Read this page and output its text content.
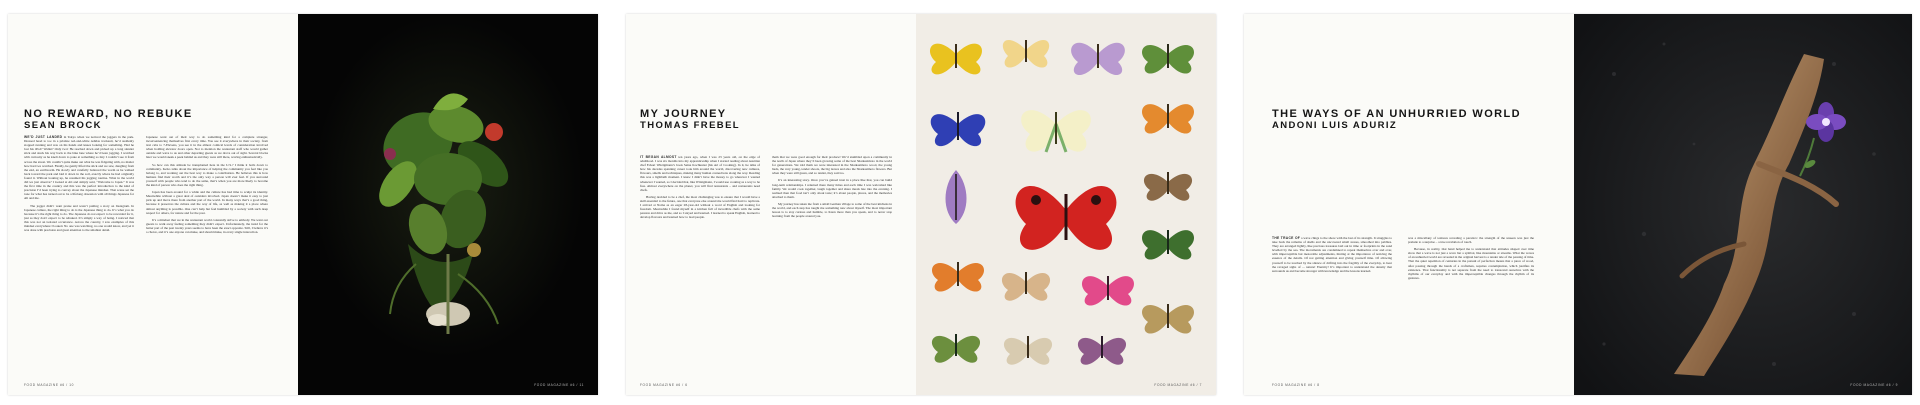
NO REWARD, NO REBUKE
SEAN BROCK

WE’D JUST LANDED in Tokyo when we noticed the joggers in the park. Dressed head to toe in a pristine red-and-white Adidas tracksuit, he’d suddenly stopped running and was on his hands and knees looking for something. Had he lost his iPod? Wallet? Only two! He reached down and picked up a long slender stick and stuck his way back to the bike lane where he’d been jogging. I watched with curiosity as he knelt down to poke at something so tiny I couldn’t see it from across the street. We couldn’t quite make out what he was fidgeting with, no matter how hard we watched. Finally, he gently lifted the stick and we saw, dangling from the end, an earthworm. He slowly and carefully balanced the worm as he walked back toward the park and laid it down in the soil, exactly where he had originally found it. Without looking up, he resumed his jogging routine. What in the world did we just observe? I looked at Ali and simply said, “Welcome to Japan.” It was the first time in the country and this was the perfect introduction to the kind of precision I’d been trying to convey about the Japanese mindset. That scene set the tone for what has turned out to be a lifelong obsession with all things Japanese for Ali and me.

The jogger didn’t want praise and wasn’t putting a story on Instagram. In Japanese culture, the right thing to do is the Japanese thing to do. It’s what you do because it’s the right thing to do. The Japanese do not expect to be rewarded for it, just as they don’t expect to be rebuked. It’s simply a way of being. I noticed that this was not an isolated occurrence. Across the country, I saw examples of this mindset everywhere I looked. No one was watching, no one would know, and yet it was done with precision and great attention to the smallest detail.

Japanese went out of their way to do something kind for a complete stranger, inconveniencing themselves first every time. You see it everywhere in their society, from taxi cabs to 7-Elevens, you see it in the almost comical levels of consideration involved when holding elevator doors open. Not to mention the restaurant staff who would gather outside and wave to us and other departing guests as we drove out of sight. Several blocks later we would sneak a peek behind us and they were still there, waving enthusiastically.

So how can this attitude be transplanted here in the U.S.? I think it boils down to community. Kelso talks about the importance of helping the community you feel like you belong to, and working out the best way to make a contribution. He believes this is how humans find their worth and it’s the only way a person will ever feel. If you surround yourself with people who tend to do the same, that’s when you are more likely to become the kind of person who does the right thing.

Japan has been around for a while and the culture has had time to sculpt its identity. Meanwhile without a great deal of outsiders involved. Japan doesn’t make it easy to just pick up and move there from another part of the world. In many ways that’s a good thing, because it preserves the culture and the way of life, as well as making it a place where almost anything is possible. One can’t help but feel humbled by a society with such deep respect for others, for nature and for the past.

It’s a mindset that we in the restaurant world constantly strive to embody. We want our guests to walk away feeling something they didn’t expect. Unfortunately, the trend for the better part of the past twenty years seems to have been the exact opposite. Still, I believe it’s a choice, and it’s one anyone can make, and should make, in every single interaction.

FOOD MAGAZINE #6 / 10	FOOD MAGAZINE #6 / 11
MY JOURNEY
THOMAS FREBEL

IT BEGAN ALMOST ten years ago, when I was 23 years old, on the edge of adulthood. I was six months into my apprenticeship when I started reading about Austrian chef Eckart Witzigmann’s book Seine Kochkunst (his Art of Cooking). In it, he talks of how his decades spanning career took him around the world, discovering new cultures, flavours, smells and techniques, making many human connections along the way. Reading this was a lightbulb moment. I knew I didn’t have the money to go wherever I wanted whenever I wanted, so I decided that, like Witzigmann, I would use cooking as a way to be free. Almost everywhere on the planet, you will find restaurants – and restaurants need chefs.

Having decided to be a chef, the most challenging was to ensure that I would have a skill essential to the future, one that everyone else around me would find hard to replicate. I arrived at Noma as an eager 28-year-old without a word of English and looking for freedom. Meanwhile I found myself in a kitchen full of incredible chefs with the same passion and drive as me, and so I stayed and learned. I learned to speak English, learned to develop flavours and learned how to lead people.

them that we were good enough for their produce! We’d stumbled upon a community in the north of Japan where they’d been growing some of the best Sharkasimoto in the world for generations. We told them we were interested in the Sharkasimoto wood, the young buds, the very young, tender shoots, the big leaves and also the Sharkasimoto flowers. But when they were still green, and so tender, they said no.

It’s an interesting story. Once you’ve gained trust in a place like that, you can build long-term relationships. I returned there many times and each time I was welcomed like family. We would cook together, laugh together and share meals late into the evening. I realised then that food isn’t only about taste; it’s about people, places, and the memories attached to them.

My journey has taken me from a small German village to some of the best kitchens in the world, and each step has taught me something new about myself. The most important lesson is to stay curious and humble, to listen more than you speak, and to never stop learning from the people around you.

FOOD MAGAZINE #6 / 6	FOOD MAGAZINE #6 / 7
THE WAYS OF AN UNHURRIED WORLD
ANDONI LUIS ADURIZ

THE TRACE OF a wave clings to the shore with the last of its strength. It struggles to take back the remains of shells and the uncovered small stones, smoothed into pebbles. They are arranged lightly, like precious treasures laid out in time or footprints in the sand levelled by the sea. The movements are condemned to repeat themselves over and over, with imperceptible but inexorable adjustments, hinting at the importance of noticing the essence of the details. Of not getting attention and giving yourself time. Of allowing yourself to be touched by the silence of drifting into the fragility of the everyday, to hear the ravaged sighs of ... nature! Eternity! It’s important to understand the density that surrounds us and become stronger with knowledge and the lessons learned.

was a miscellany of textures revealing a paradox: the strength of the unseen was just the prelude to a surprise – a true revelation of touch.

Because, in reality, that hand helped me to understand that attitudes shaped over time show that a wave is not just a wave but a symbol, like mountains or streams. What the waves of an unhurried world are revealed in the original harvest is a tender tale of the passing of time. That the quiet repetition of centuries in the pursuit of perfection means that a piece of wood, after passing through the hands of a craftsman, requires contemplation, which justifies its existence. That functionality is not separate from the need to transcend ourselves with the rhythms of our everyday and with the imperceptible changes through the rhythm of its gestures.

FOOD MAGAZINE #6 / 8	FOOD MAGAZINE #6 / 9
